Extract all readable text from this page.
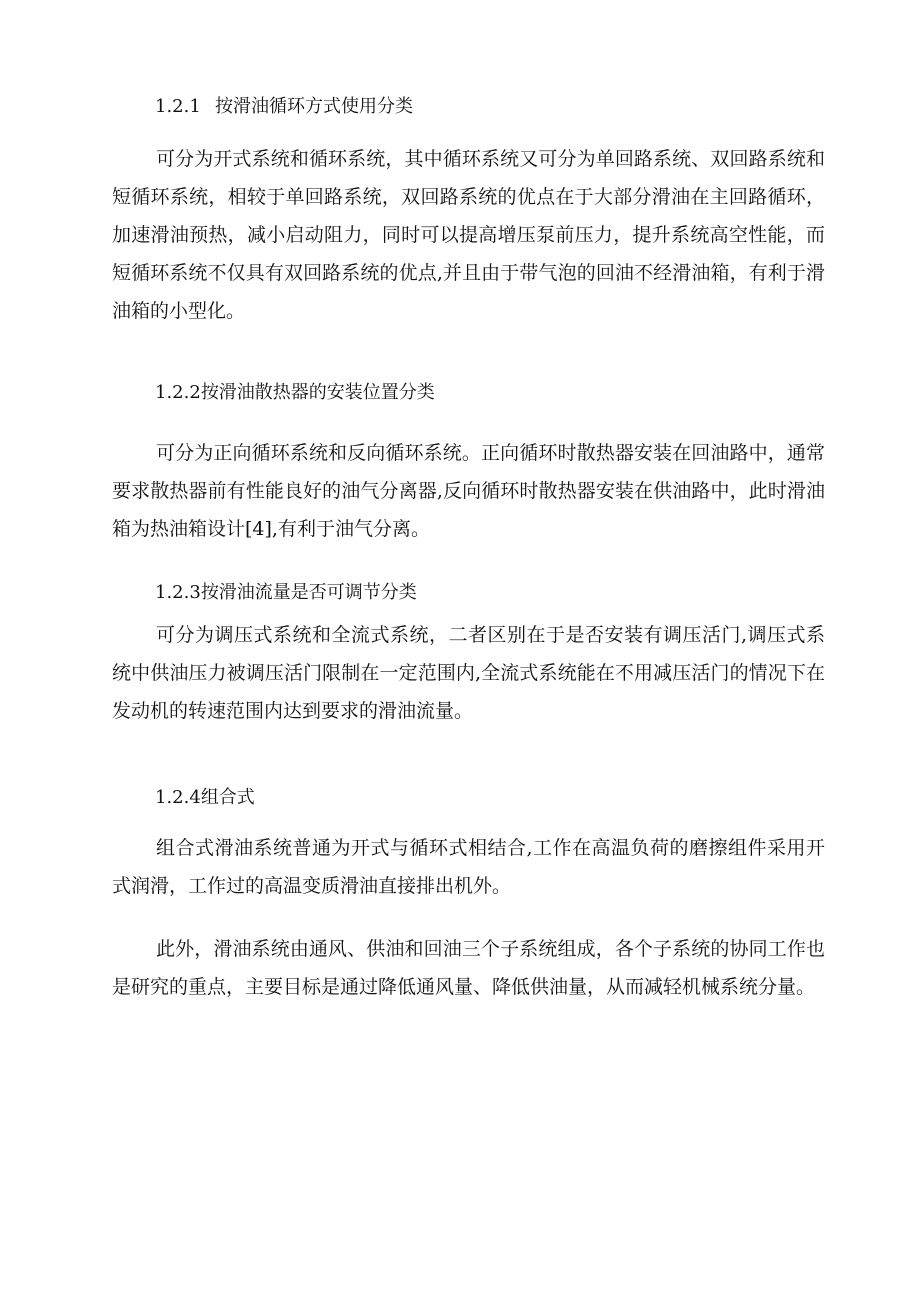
1.2.1 按滑油循环方式使用分类

可分为开式系统和循环系统，其中循环系统又可分为单回路系统、双回路系统和短循环系统，相较于单回路系统，双回路系统的优点在于大部分滑油在主回路循环，加速滑油预热，减小启动阻力，同时可以提高增压泵前压力，提升系统高空性能，而短循环系统不仅具有双回路系统的优点,并且由于带气泡的回油不经滑油箱，有利于滑油箱的小型化。

1.2.2按滑油散热器的安装位置分类

可分为正向循环系统和反向循环系统。正向循环时散热器安装在回油路中，通常要求散热器前有性能良好的油气分离器,反向循环时散热器安装在供油路中，此时滑油箱为热油箱设计[4],有利于油气分离。

1.2.3按滑油流量是否可调节分类

可分为调压式系统和全流式系统，二者区别在于是否安装有调压活门,调压式系统中供油压力被调压活门限制在一定范围内,全流式系统能在不用减压活门的情况下在发动机的转速范围内达到要求的滑油流量。

1.2.4组合式

组合式滑油系统普通为开式与循环式相结合,工作在高温负荷的磨擦组件采用开式润滑，工作过的高温变质滑油直接排出机外。

此外，滑油系统由通风、供油和回油三个子系统组成，各个子系统的协同工作也是研究的重点，主要目标是通过降低通风量、降低供油量，从而减轻机械系统分量。
